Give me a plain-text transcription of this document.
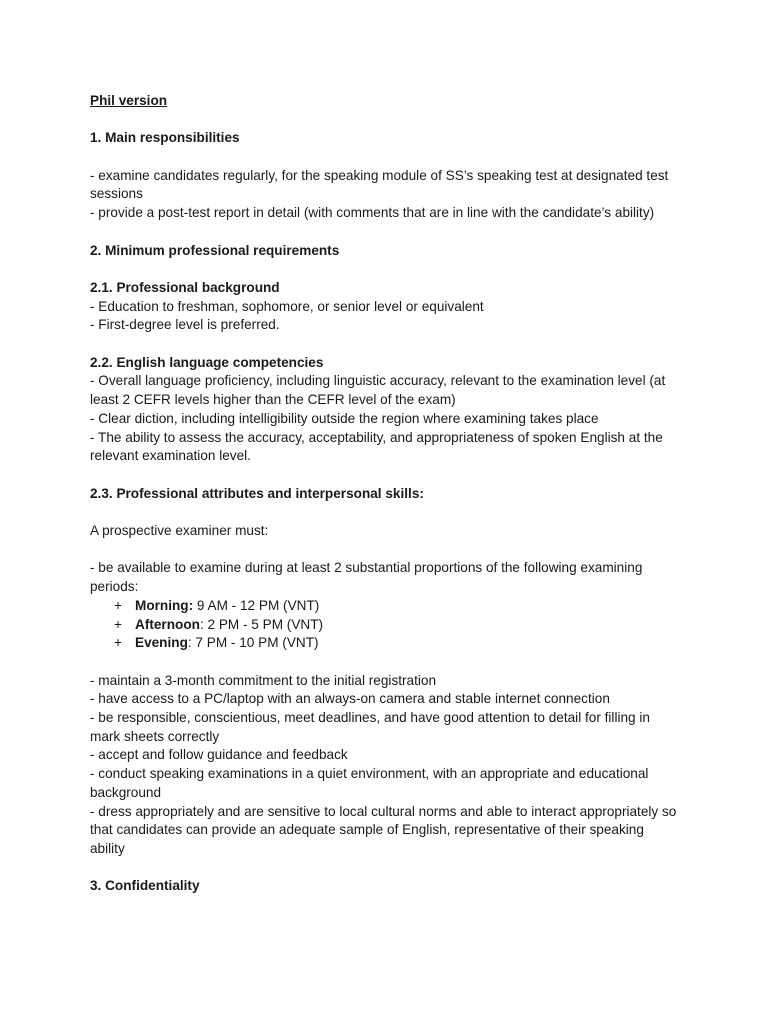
Phil version

1. Main responsibilities

- examine candidates regularly, for the speaking module of SS’s speaking test at designated test sessions

- provide a post-test report in detail (with comments that are in line with the candidate’s ability)

2. Minimum professional requirements
2.1. Professional background

- Education to freshman, sophomore, or senior level or equivalent

- First-degree level is preferred.

2.2. English language competencies

- Overall language proficiency, including linguistic accuracy, relevant to the examination level (at least 2 CEFR levels higher than the CEFR level of the exam)

- Clear diction, including intelligibility outside the region where examining takes place

- The ability to assess the accuracy, acceptability, and appropriateness of spoken English at the relevant examination level.

2.3. Professional attributes and interpersonal skills:

A prospective examiner must:

- be available to examine during at least 2 substantial proportions of the following examining periods:

+ Morning: 9 AM - 12 PM (VNT)
+ Afternoon: 2 PM - 5 PM (VNT)
+ Evening: 7 PM - 10 PM (VNT)

- maintain a 3-month commitment to the initial registration

- have access to a PC/laptop with an always-on camera and stable internet connection

- be responsible, conscientious, meet deadlines, and have good attention to detail for filling in mark sheets correctly

- accept and follow guidance and feedback

- conduct speaking examinations in a quiet environment, with an appropriate and educational background

- dress appropriately and are sensitive to local cultural norms and able to interact appropriately so that candidates can provide an adequate sample of English, representative of their speaking ability

3. Confidentiality
